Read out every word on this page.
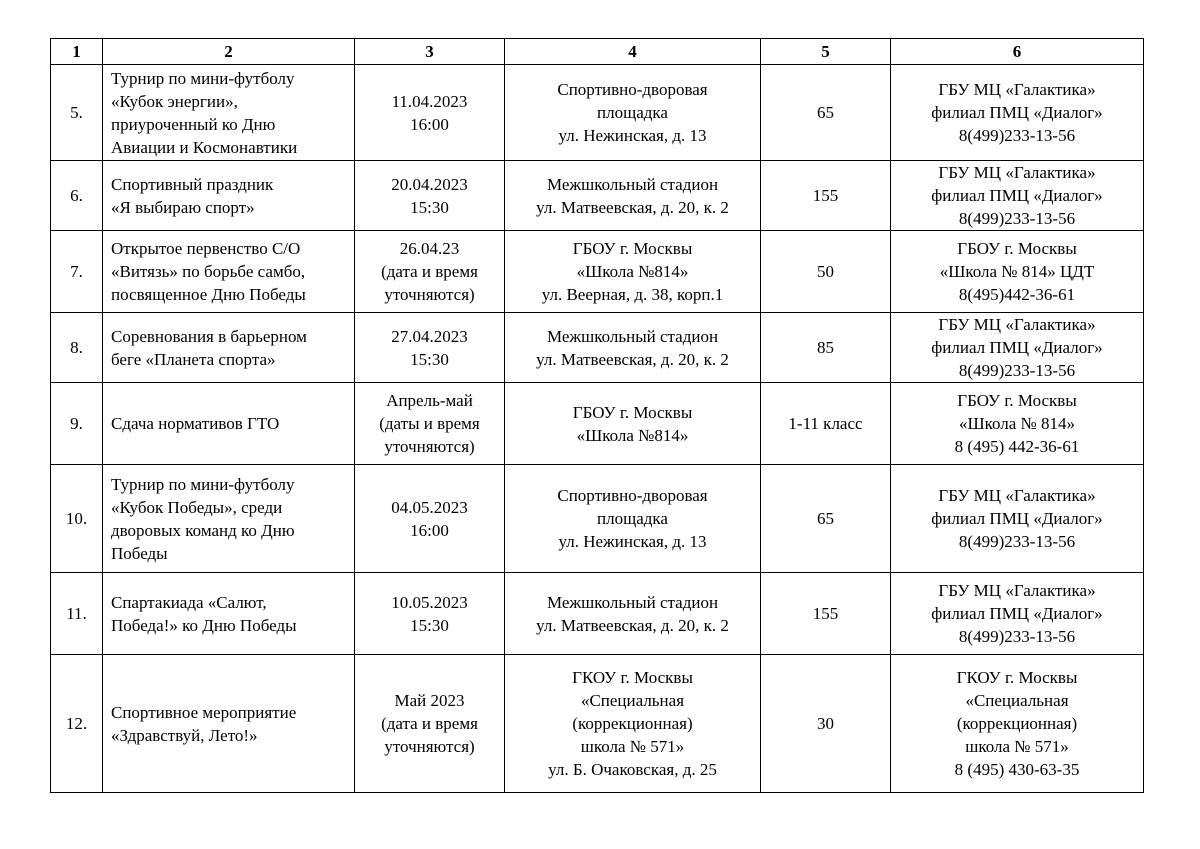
1	2	3	4	5	6
5.	Турнир по мини-футболу
«Кубок энергии»,
приуроченный ко Дню
Авиации и Космонавтики	11.04.2023
16:00	Спортивно-дворовая
площадка
ул. Нежинская, д. 13	65	ГБУ МЦ «Галактика»
филиал ПМЦ «Диалог»
8(499)233-13-56

6.	Спортивный праздник
«Я выбираю спорт»	20.04.2023
15:30	Межшкольный стадион
ул. Матвеевская, д. 20, к. 2	155	ГБУ МЦ «Галактика»
филиал ПМЦ «Диалог»
8(499)233-13-56

7.	Открытое первенство С/О
«Витязь» по борьбе самбо,
посвященное Дню Победы	26.04.23
(дата и время
уточняются)	ГБОУ г. Москвы
«Школа №814»
ул. Веерная, д. 38, корп.1	50	ГБОУ г. Москвы
«Школа № 814» ЦДТ
8(495)442-36-61

8.	Соревнования в барьерном
беге «Планета спорта»	27.04.2023
15:30	Межшкольный стадион
ул. Матвеевская, д. 20, к. 2	85	ГБУ МЦ «Галактика»
филиал ПМЦ «Диалог»
8(499)233-13-56

9.	Сдача нормативов ГТО	Апрель-май
(даты и время
уточняются)	ГБОУ г. Москвы
«Школа №814»	1-11 класс	ГБОУ г. Москвы
«Школа № 814»
8 (495) 442-36-61

10.	Турнир по мини-футболу
«Кубок Победы», среди
дворовых команд ко Дню
Победы	04.05.2023
16:00	Спортивно-дворовая
площадка
ул. Нежинская, д. 13	65	ГБУ МЦ «Галактика»
филиал ПМЦ «Диалог»
8(499)233-13-56

11.	Спартакиада «Салют,
Победа!» ко Дню Победы	10.05.2023
15:30	Межшкольный стадион
ул. Матвеевская, д. 20, к. 2	155	ГБУ МЦ «Галактика»
филиал ПМЦ «Диалог»
8(499)233-13-56

12.	Спортивное мероприятие
«Здравствуй, Лето!»	Май 2023
(дата и время
уточняются)	ГКОУ г. Москвы
«Специальная
(коррекционная)
школа № 571»
ул. Б. Очаковская, д. 25	30	ГКОУ г. Москвы
«Специальная
(коррекционная)
школа № 571»
8 (495) 430-63-35
